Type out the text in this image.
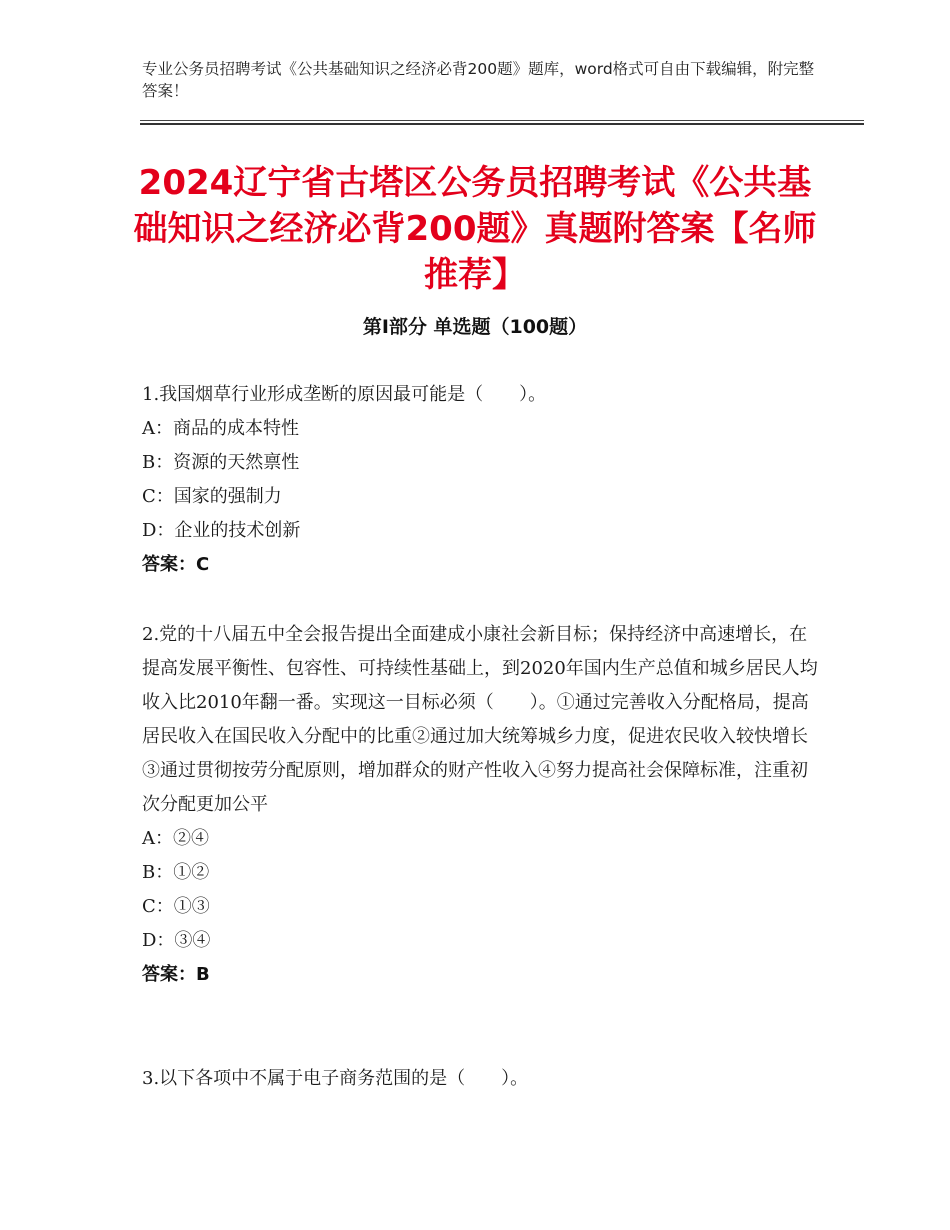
专业公务员招聘考试《公共基础知识之经济必背200题》题库，word格式可自由下载编辑，附完整答案！
2024辽宁省古塔区公务员招聘考试《公共基础知识之经济必背200题》真题附答案【名师推荐】
第Ⅰ部分 单选题（100题）

1.我国烟草行业形成垄断的原因最可能是（　　）。

A：商品的成本特性

B：资源的天然禀性

C：国家的强制力

D：企业的技术创新

答案：C

2.党的十八届五中全会报告提出全面建成小康社会新目标；保持经济中高速增长，在提高发展平衡性、包容性、可持续性基础上，到2020年国内生产总值和城乡居民人均收入比2010年翻一番。实现这一目标必须（　　）。①通过完善收入分配格局，提高居民收入在国民收入分配中的比重②通过加大统筹城乡力度，促进农民收入较快增长③通过贯彻按劳分配原则，增加群众的财产性收入④努力提高社会保障标准，注重初次分配更加公平

A：②④

B：①②

C：①③

D：③④

答案：B

3.以下各项中不属于电子商务范围的是（　　）。
